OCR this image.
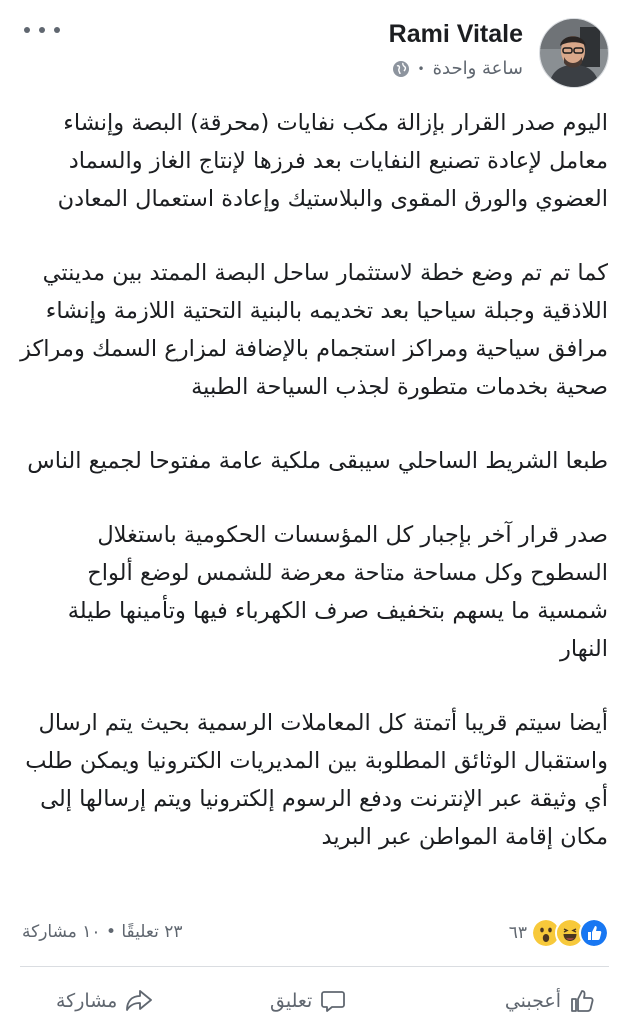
Rami Vitale
ساعة واحدة
•

اليوم صدر القرار بإزالة مكب نفايات (محرقة) البصة وإنشاء معامل لإعادة تصنيع النفايات بعد فرزها لإنتاج الغاز والسماد العضوي والورق المقوى والبلاستيك وإعادة استعمال المعادن

كما تم تم وضع خطة لاستثمار ساحل البصة الممتد بين مدينتي اللاذقية وجبلة سياحيا بعد تخديمه بالبنية التحتية اللازمة وإنشاء مرافق سياحية ومراكز استجمام بالإضافة لمزارع السمك ومراكز صحية بخدمات متطورة لجذب السياحة الطبية

طبعا الشريط الساحلي سيبقى ملكية عامة مفتوحا لجميع الناس

صدر قرار آخر بإجبار كل المؤسسات الحكومية باستغلال السطوح وكل مساحة متاحة معرضة للشمس لوضع ألواح شمسية ما يسهم بتخفيف صرف الكهرباء فيها وتأمينها طيلة النهار

أيضا سيتم قريبا أتمتة كل المعاملات الرسمية بحيث يتم ارسال واستقبال الوثائق المطلوبة بين المديريات الكترونيا ويمكن طلب أي وثيقة عبر الإنترنت ودفع الرسوم إلكترونيا ويتم إرسالها إلى مكان إقامة المواطن عبر البريد

٢٣ تعليقًا • ١٠ مشاركة	٦٣
أعجبني
تعليق
مشاركة
